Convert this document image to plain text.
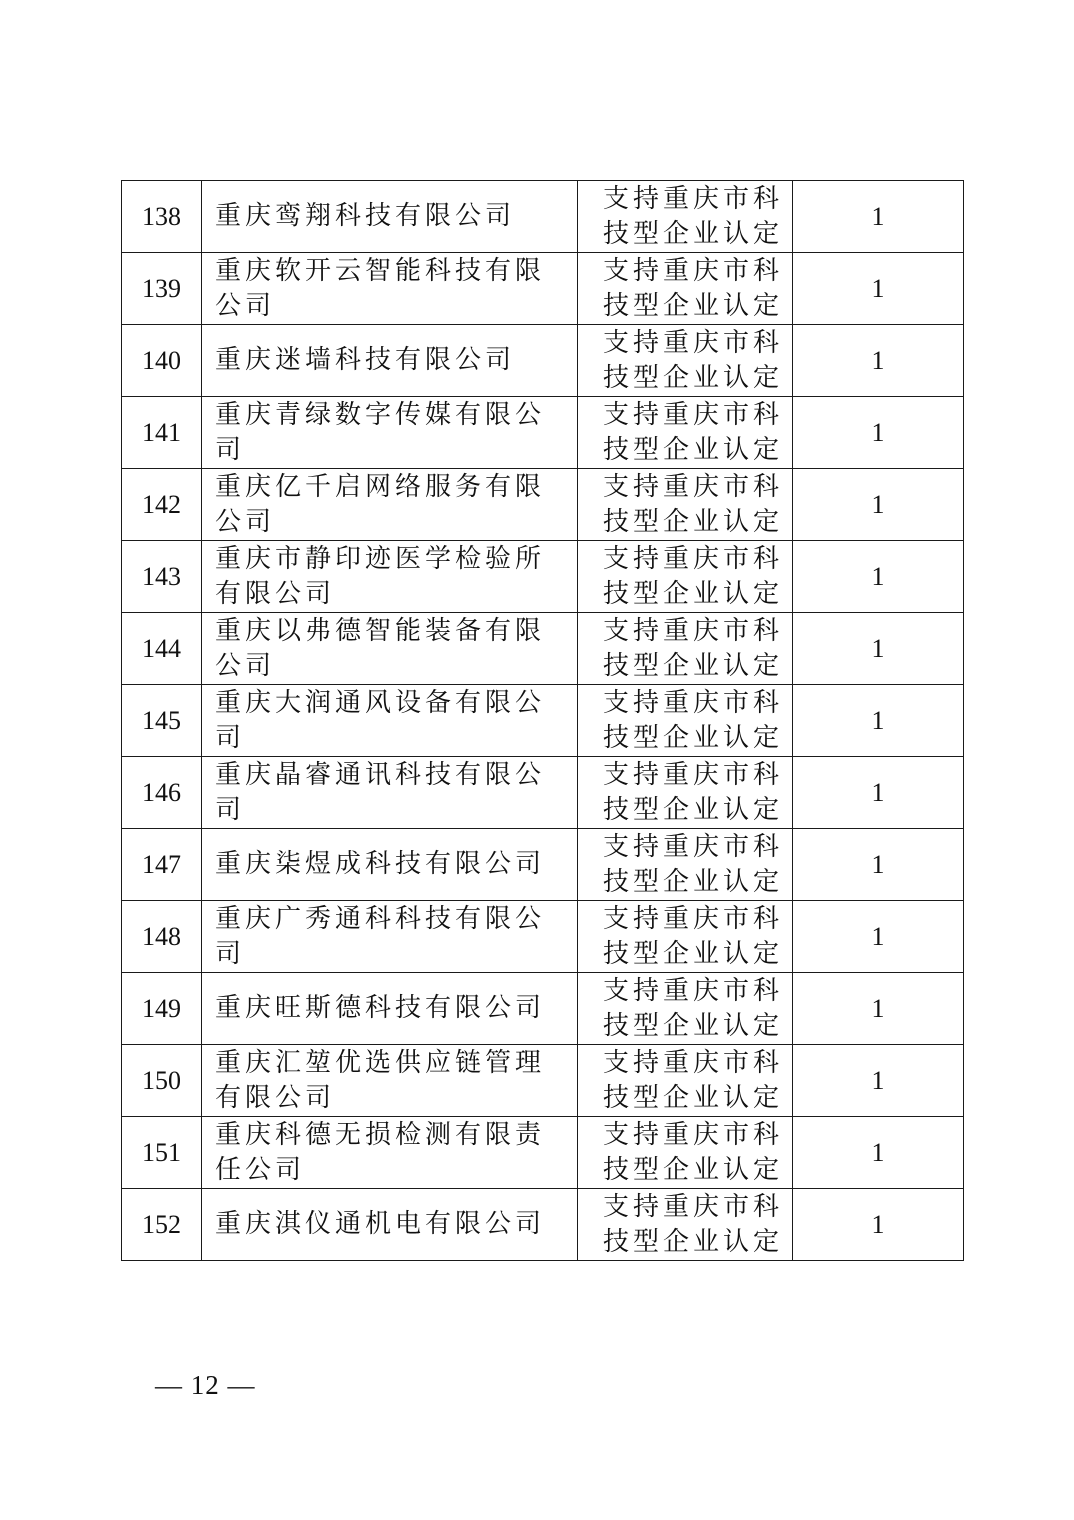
138	重庆鸾翔科技有限公司	支持重庆市科技型企业认定	1
139	重庆软开云智能科技有限公司	支持重庆市科技型企业认定	1
140	重庆迷墙科技有限公司	支持重庆市科技型企业认定	1
141	重庆青绿数字传媒有限公司	支持重庆市科技型企业认定	1
142	重庆亿千启网络服务有限公司	支持重庆市科技型企业认定	1
143	重庆市静印迹医学检验所有限公司	支持重庆市科技型企业认定	1
144	重庆以弗德智能装备有限公司	支持重庆市科技型企业认定	1
145	重庆大润通风设备有限公司	支持重庆市科技型企业认定	1
146	重庆晶睿通讯科技有限公司	支持重庆市科技型企业认定	1
147	重庆柒煜成科技有限公司	支持重庆市科技型企业认定	1
148	重庆广秀通科科技有限公司	支持重庆市科技型企业认定	1
149	重庆旺斯德科技有限公司	支持重庆市科技型企业认定	1
150	重庆汇堃优选供应链管理有限公司	支持重庆市科技型企业认定	1
151	重庆科德无损检测有限责任公司	支持重庆市科技型企业认定	1
152	重庆淇仪通机电有限公司	支持重庆市科技型企业认定	1
— 12 —
